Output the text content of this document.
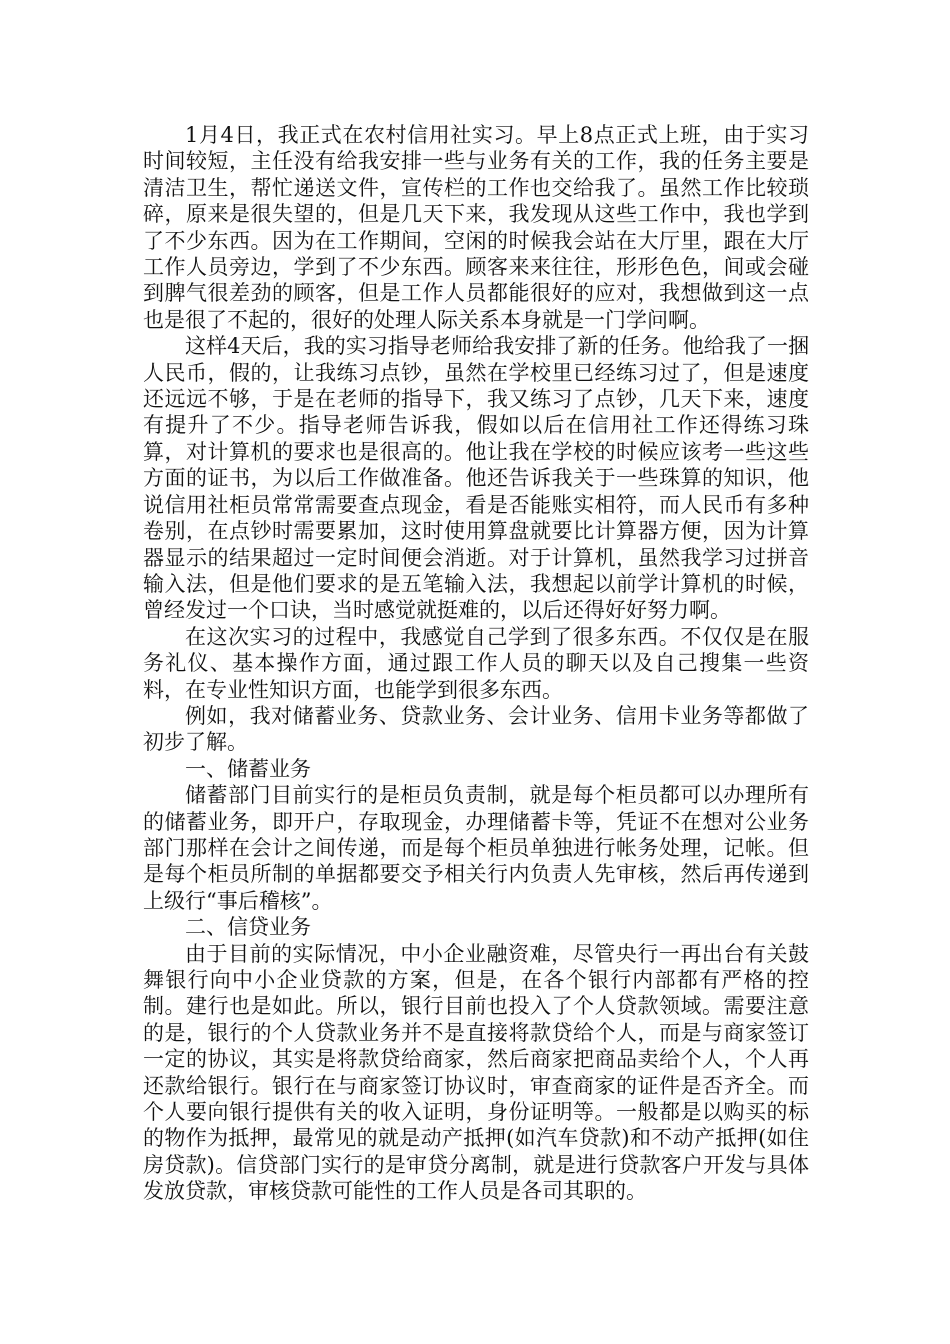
1月4日，我正式在农村信用社实习。早上8点正式上班，由于实习时间较短，主任没有给我安排一些与业务有关的工作，我的任务主要是清洁卫生，帮忙递送文件，宣传栏的工作也交给我了。虽然工作比较琐碎，原来是很失望的，但是几天下来，我发现从这些工作中，我也学到了不少东西。因为在工作期间，空闲的时候我会站在大厅里，跟在大厅工作人员旁边，学到了不少东西。顾客来来往往，形形色色，间或会碰到脾气很差劲的顾客，但是工作人员都能很好的应对，我想做到这一点也是很了不起的，很好的处理人际关系本身就是一门学问啊。

这样4天后，我的实习指导老师给我安排了新的任务。他给我了一捆人民币，假的，让我练习点钞，虽然在学校里已经练习过了，但是速度还远远不够，于是在老师的指导下，我又练习了点钞，几天下来，速度有提升了不少。指导老师告诉我，假如以后在信用社工作还得练习珠算，对计算机的要求也是很高的。他让我在学校的时候应该考一些这些方面的证书，为以后工作做准备。他还告诉我关于一些珠算的知识，他说信用社柜员常常需要查点现金，看是否能账实相符，而人民币有多种卷别，在点钞时需要累加，这时使用算盘就要比计算器方便，因为计算器显示的结果超过一定时间便会消逝。对于计算机，虽然我学习过拼音输入法，但是他们要求的是五笔输入法，我想起以前学计算机的时候，曾经发过一个口诀，当时感觉就挺难的，以后还得好好努力啊。

在这次实习的过程中，我感觉自己学到了很多东西。不仅仅是在服务礼仪、基本操作方面，通过跟工作人员的聊天以及自己搜集一些资料，在专业性知识方面，也能学到很多东西。

例如，我对储蓄业务、贷款业务、会计业务、信用卡业务等都做了初步了解。

一、储蓄业务

储蓄部门目前实行的是柜员负责制，就是每个柜员都可以办理所有的储蓄业务，即开户，存取现金，办理储蓄卡等，凭证不在想对公业务部门那样在会计之间传递，而是每个柜员单独进行帐务处理，记帐。但是每个柜员所制的单据都要交予相关行内负责人先审核，然后再传递到上级行“事后稽核”。

二、信贷业务

由于目前的实际情况，中小企业融资难，尽管央行一再出台有关鼓舞银行向中小企业贷款的方案，但是，在各个银行内部都有严格的控制。建行也是如此。所以，银行目前也投入了个人贷款领域。需要注意的是，银行的个人贷款业务并不是直接将款贷给个人，而是与商家签订一定的协议，其实是将款贷给商家，然后商家把商品卖给个人，个人再还款给银行。银行在与商家签订协议时，审查商家的证件是否齐全。而个人要向银行提供有关的收入证明，身份证明等。一般都是以购买的标的物作为抵押，最常见的就是动产抵押(如汽车贷款)和不动产抵押(如住房贷款)。信贷部门实行的是审贷分离制，就是进行贷款客户开发与具体发放贷款，审核贷款可能性的工作人员是各司其职的。
